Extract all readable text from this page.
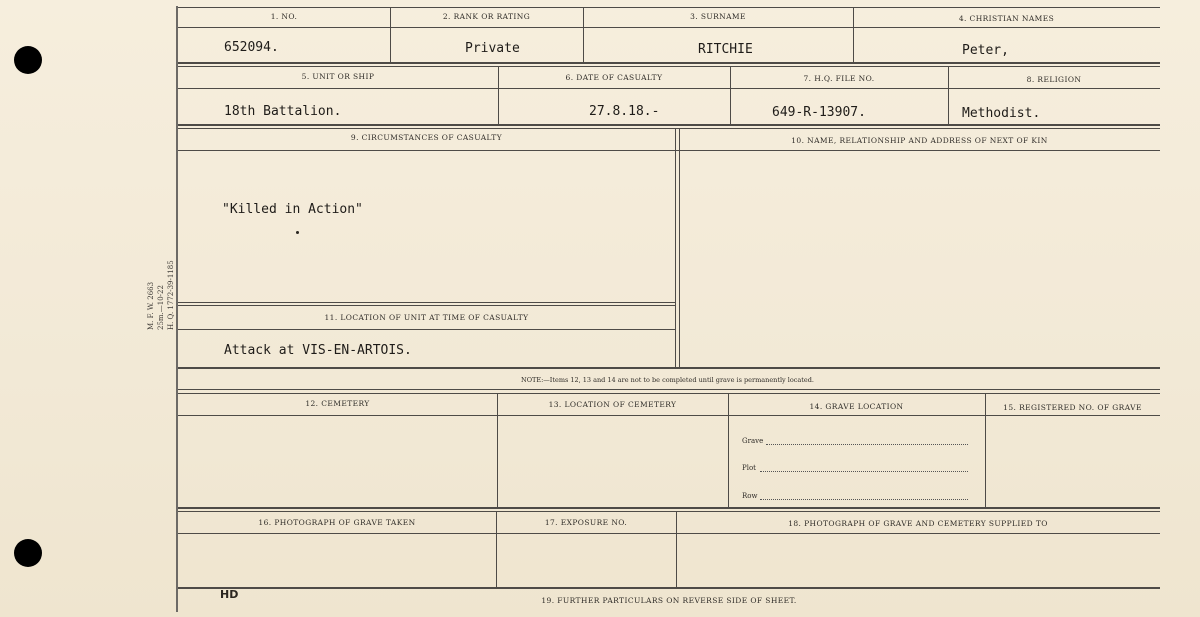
M. F. W. 2663 25m.—10-22 H. Q. 1772-39-1185
1. NO.	2. RANK OR RATING	3. SURNAME	4. CHRISTIAN NAMES
652094.	Private	RITCHIE	Peter,
5. UNIT OR SHIP	6. DATE OF CASUALTY	7. H.Q. FILE NO.	8. RELIGION
18th Battalion.	27.8.18.-	649-R-13907.	Methodist.
9. CIRCUMSTANCES OF CASUALTY	10. NAME, RELATIONSHIP AND ADDRESS OF NEXT OF KIN
"Killed in Action"
11. LOCATION OF UNIT AT TIME OF CASUALTY
Attack at VIS-EN-ARTOIS.
NOTE:—Items 12, 13 and 14 are not to be completed until grave is permanently located.
12. CEMETERY	13. LOCATION OF CEMETERY	14. GRAVE LOCATION	15. REGISTERED NO. OF GRAVE
Grave
Plot
Row
16. PHOTOGRAPH OF GRAVE TAKEN	17. EXPOSURE NO.	18. PHOTOGRAPH OF GRAVE AND CEMETERY SUPPLIED TO
HD	19. FURTHER PARTICULARS ON REVERSE SIDE OF SHEET.
